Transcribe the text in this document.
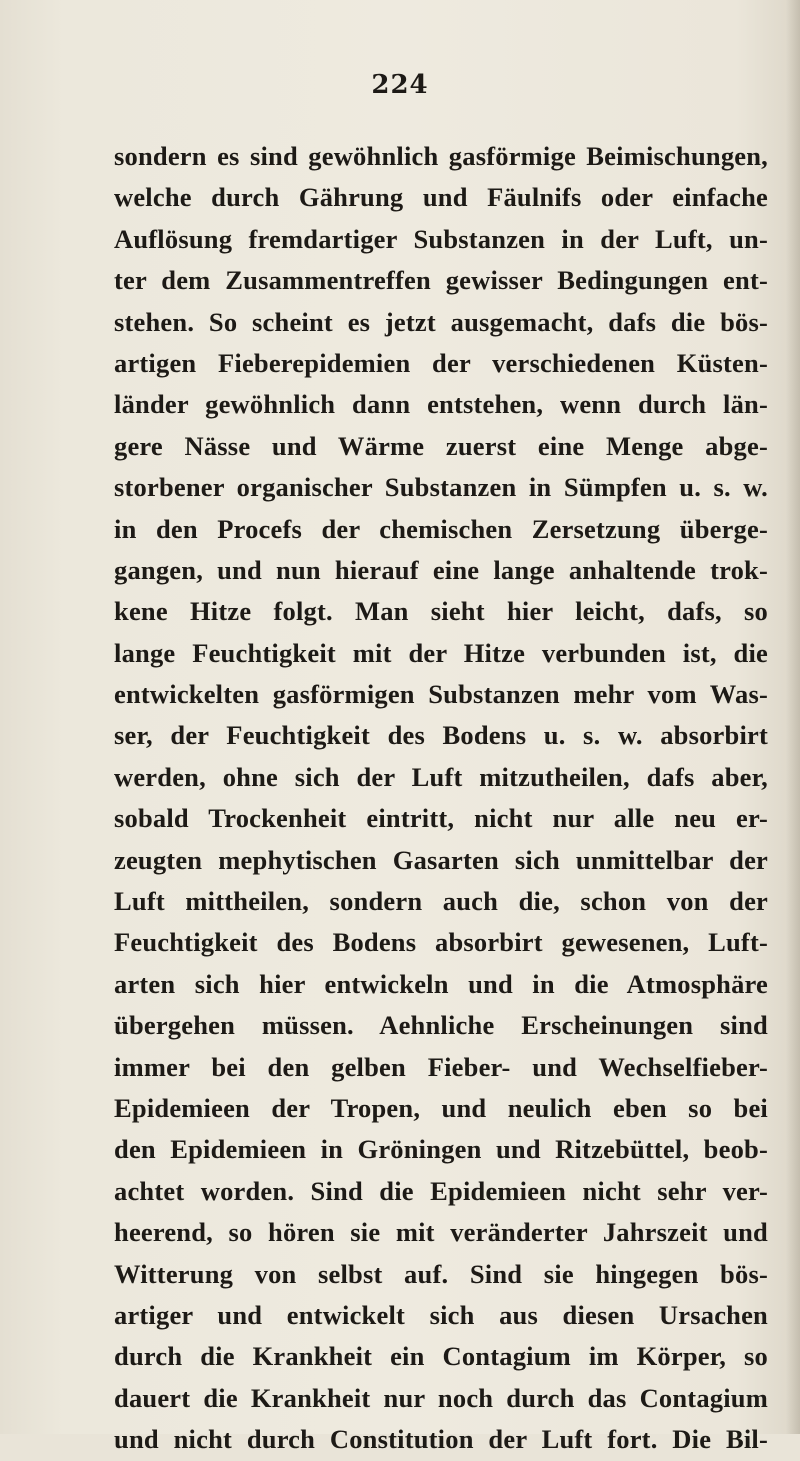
224
sondern es sind gewöhnlich gasförmige Beimischungen,
welche durch Gährung und Fäulnifs oder einfache
Auflösung fremdartiger Substanzen in der Luft, un-
ter dem Zusammentreffen gewisser Bedingungen ent-
stehen. So scheint es jetzt ausgemacht, dafs die bös-
artigen Fieberepidemien der verschiedenen Küsten-
länder gewöhnlich dann entstehen, wenn durch län-
gere Nässe und Wärme zuerst eine Menge abge-
storbener organischer Substanzen in Sümpfen u. s. w.
in den Procefs der chemischen Zersetzung überge-
gangen, und nun hierauf eine lange anhaltende trok-
kene Hitze folgt. Man sieht hier leicht, dafs, so
lange Feuchtigkeit mit der Hitze verbunden ist, die
entwickelten gasförmigen Substanzen mehr vom Was-
ser, der Feuchtigkeit des Bodens u. s. w. absorbirt
werden, ohne sich der Luft mitzutheilen, dafs aber,
sobald Trockenheit eintritt, nicht nur alle neu er-
zeugten mephytischen Gasarten sich unmittelbar der
Luft mittheilen, sondern auch die, schon von der
Feuchtigkeit des Bodens absorbirt gewesenen, Luft-
arten sich hier entwickeln und in die Atmosphäre
übergehen müssen. Aehnliche Erscheinungen sind
immer bei den gelben Fieber- und Wechselfieber-
Epidemieen der Tropen, und neulich eben so bei
den Epidemieen in Gröningen und Ritzebüttel, beob-
achtet worden. Sind die Epidemieen nicht sehr ver-
heerend, so hören sie mit veränderter Jahrszeit und
Witterung von selbst auf. Sind sie hingegen bös-
artiger und entwickelt sich aus diesen Ursachen
durch die Krankheit ein Contagium im Körper, so
dauert die Krankheit nur noch durch das Contagium
und nicht durch Constitution der Luft fort. Die Bil-
